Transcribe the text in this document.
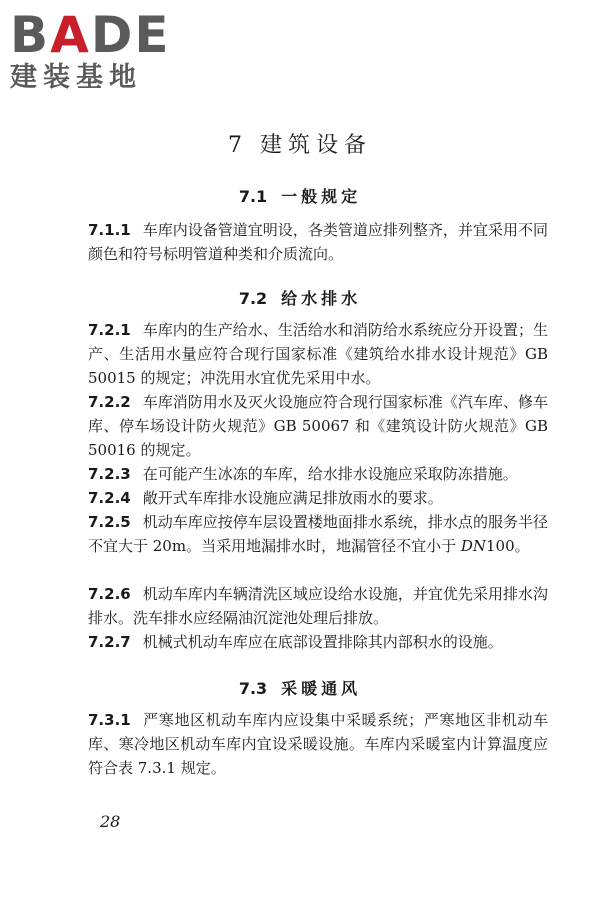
BADE
建装基地
7 建筑设备
7.1 一般规定
7.1.1 车库内设备管道宜明设，各类管道应排列整齐，并宜采用不同颜色和符号标明管道种类和介质流向。
7.2 给水排水
7.2.1 车库内的生产给水、生活给水和消防给水系统应分开设置；生产、生活用水量应符合现行国家标准《建筑给水排水设计规范》GB 50015 的规定；冲洗用水宜优先采用中水。
7.2.2 车库消防用水及灭火设施应符合现行国家标准《汽车库、修车库、停车场设计防火规范》GB 50067 和《建筑设计防火规范》GB 50016 的规定。
7.2.3 在可能产生冰冻的车库，给水排水设施应采取防冻措施。
7.2.4 敞开式车库排水设施应满足排放雨水的要求。
7.2.5 机动车库应按停车层设置楼地面排水系统，排水点的服务半径不宜大于 20m。当采用地漏排水时，地漏管径不宜小于 DN100。
7.2.6 机动车库内车辆清洗区域应设给水设施，并宜优先采用排水沟排水。洗车排水应经隔油沉淀池处理后排放。
7.2.7 机械式机动车库应在底部设置排除其内部积水的设施。
7.3 采暖通风
7.3.1 严寒地区机动车库内应设集中采暖系统；严寒地区非机动车库、寒冷地区机动车库内宜设采暖设施。车库内采暖室内计算温度应符合表 7.3.1 规定。
28
